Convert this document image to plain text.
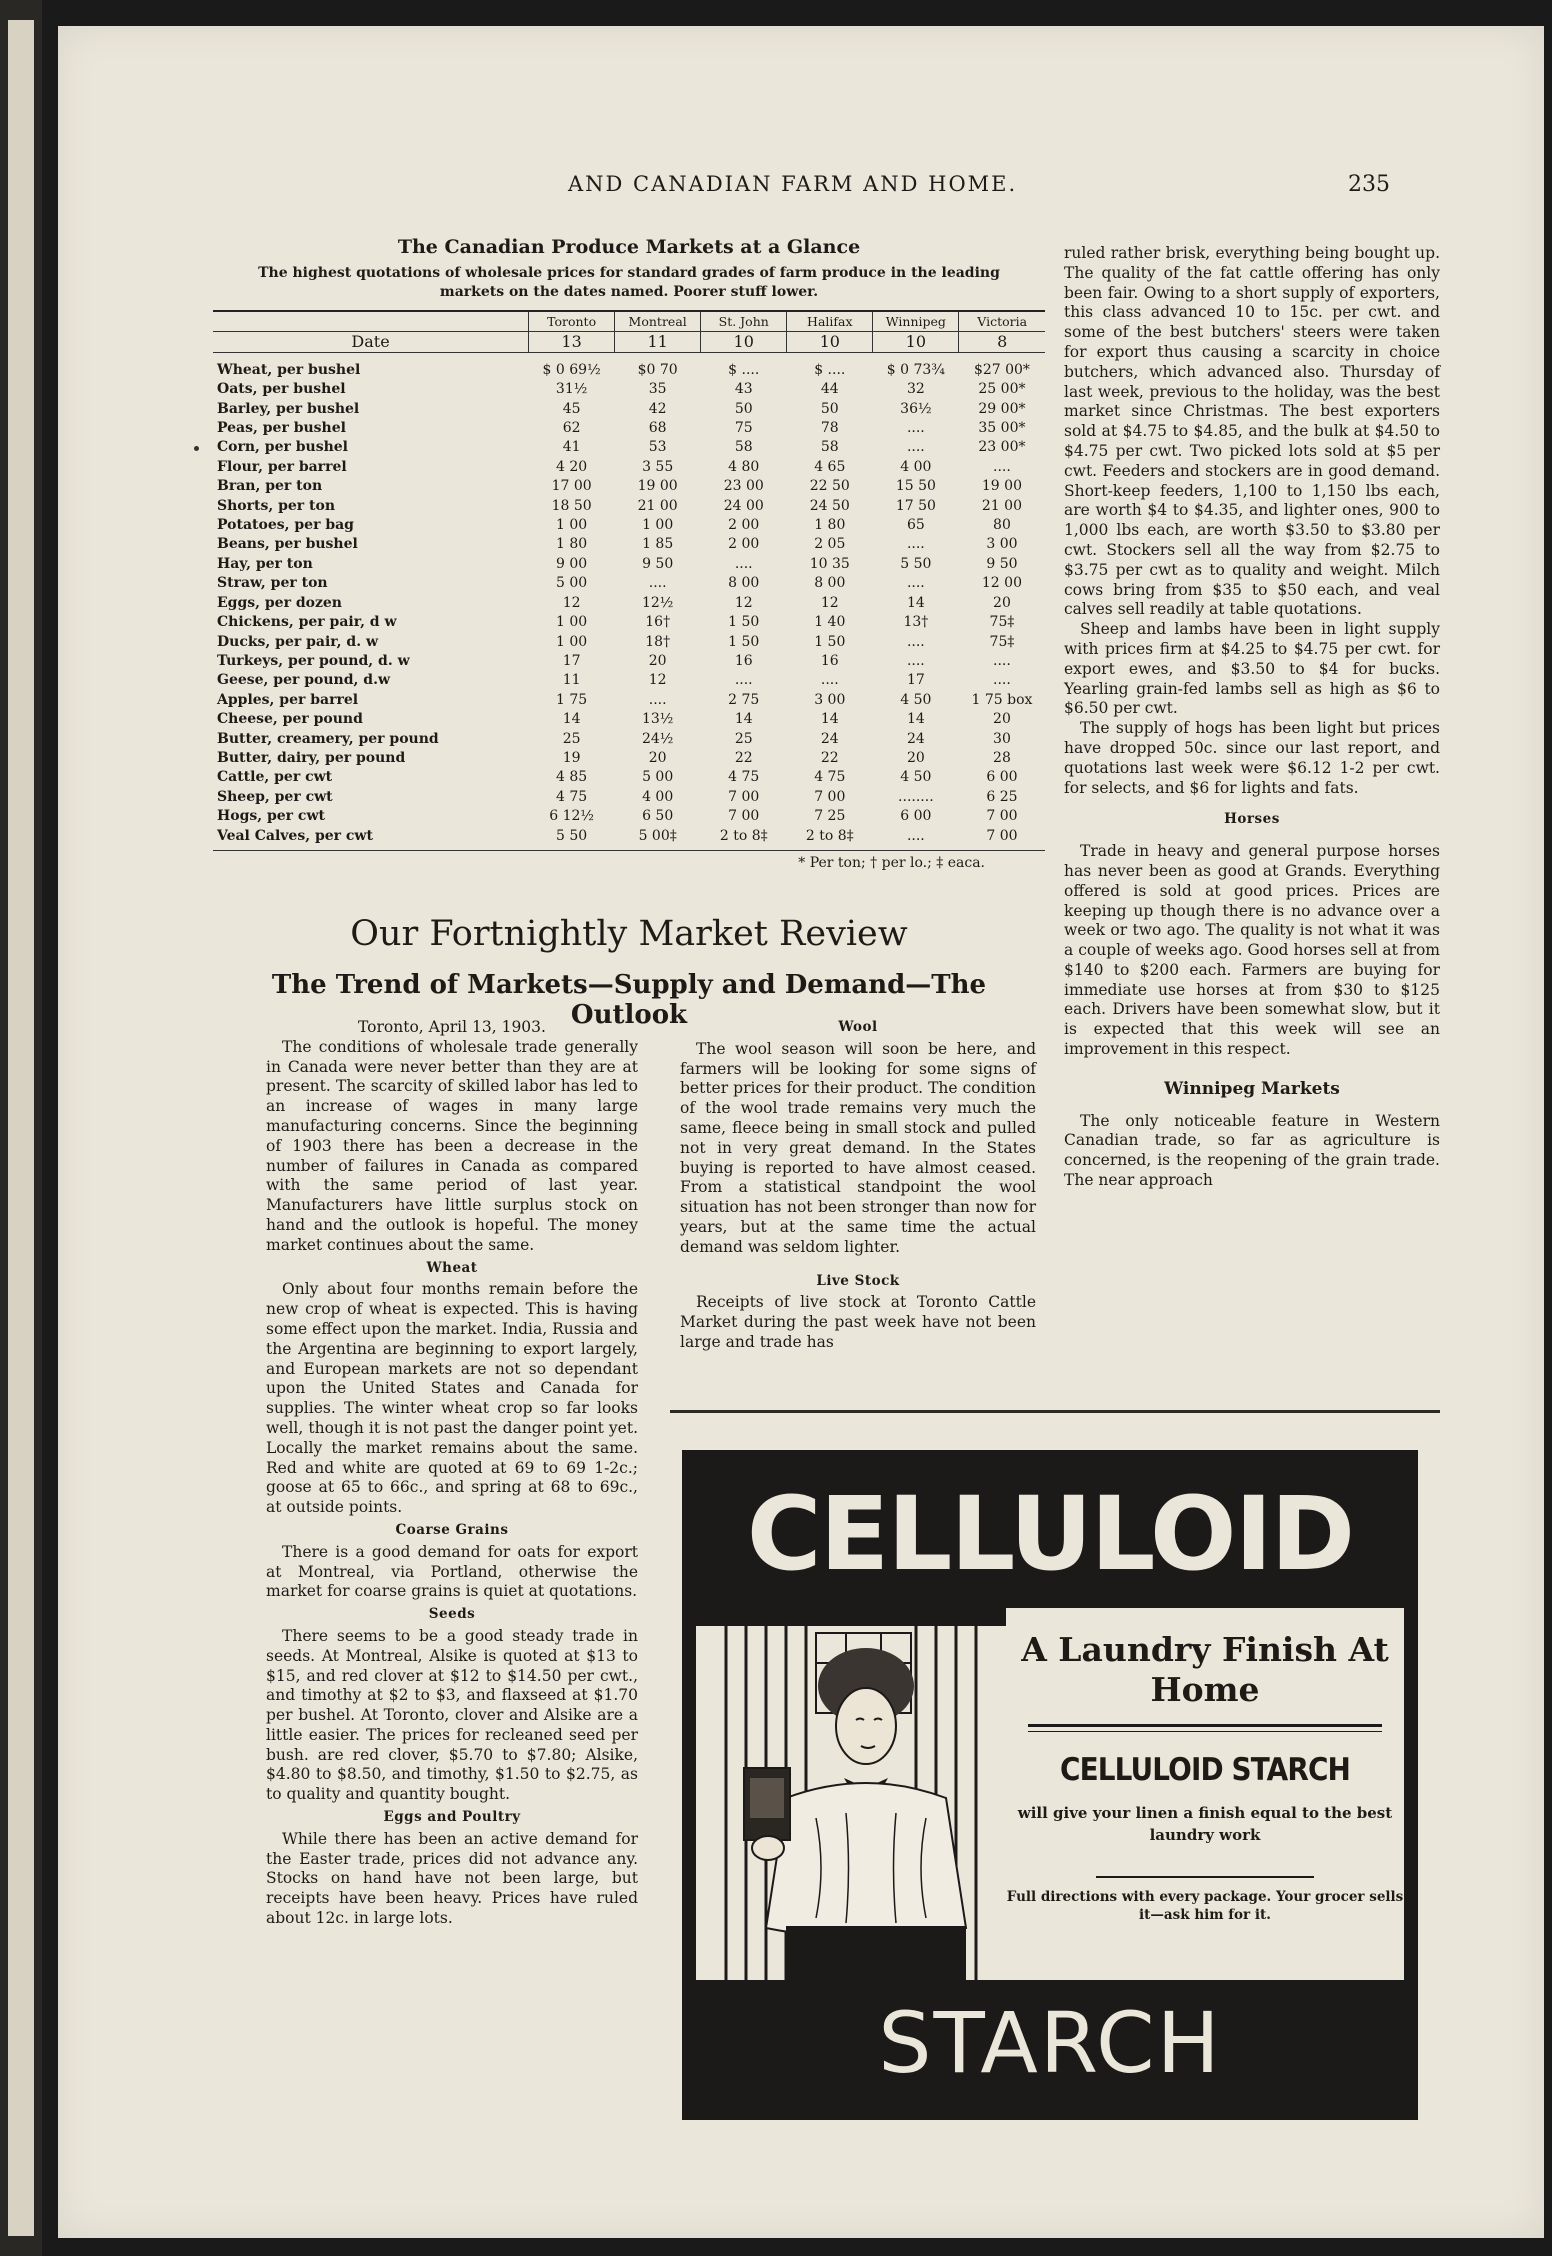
AND CANADIAN FARM AND HOME.	235
The Canadian Produce Markets at a Glance
The highest quotations of wholesale prices for standard grades of farm produce in the leading markets on the dates named. Poorer stuff lower.
	Toronto	Montreal	St. John	Halifax	Winnipeg	Victoria
Date	13	11	10	10	10	8
Wheat, per bushel	$ 0 69½	$0 70	$ ....	$ ....	$ 0 73¾	$27 00*
Oats, per bushel	31½	35	43	44	32	25 00*
Barley, per bushel	45	42	50	50	36½	29 00*
Peas, per bushel	62	68	75	78	....	35 00*
Corn, per bushel	41	53	58	58	....	23 00*
Flour, per barrel	4 20	3 55	4 80	4 65	4 00	....
Bran, per ton	17 00	19 00	23 00	22 50	15 50	19 00
Shorts, per ton	18 50	21 00	24 00	24 50	17 50	21 00
Potatoes, per bag	1 00	1 00	2 00	1 80	65	80
Beans, per bushel	1 80	1 85	2 00	2 05	....	3 00
Hay, per ton	9 00	9 50	....	10 35	5 50	9 50
Straw, per ton	5 00	....	8 00	8 00	....	12 00
Eggs, per dozen	12	12½	12	12	14	20
Chickens, per pair, d w	1 00	16†	1 50	1 40	13†	75‡
Ducks, per pair, d. w	1 00	18†	1 50	1 50	....	75‡
Turkeys, per pound, d. w	17	20	16	16	....	....
Geese, per pound, d.w	11	12	....	....	17	....
Apples, per barrel	1 75	....	2 75	3 00	4 50	1 75 box
Cheese, per pound	14	13½	14	14	14	20
Butter, creamery, per pound	25	24½	25	24	24	30
Butter, dairy, per pound	19	20	22	22	20	28
Cattle, per cwt	4 85	5 00	4 75	4 75	4 50	6 00
Sheep, per cwt	4 75	4 00	7 00	7 00	........	6 25
Hogs, per cwt	6 12½	6 50	7 00	7 25	6 00	7 00
Veal Calves, per cwt	5 50	5 00‡	2 to 8‡	2 to 8‡	....	7 00
* Per ton; † per lo.; ‡ eaca.
Our Fortnightly Market Review
The Trend of Markets—Supply and Demand—The Outlook

Toronto, April 13, 1903.

The conditions of wholesale trade generally in Canada were never better than they are at present. The scarcity of skilled labor has led to an increase of wages in many large manufacturing concerns. Since the beginning of 1903 there has been a decrease in the number of failures in Canada as compared with the same period of last year. Manufacturers have little surplus stock on hand and the outlook is hopeful. The money market continues about the same.

Wheat

Only about four months remain before the new crop of wheat is expected. This is having some effect upon the market. India, Russia and the Argentina are beginning to export largely, and European markets are not so dependant upon the United States and Canada for supplies. The winter wheat crop so far looks well, though it is not past the danger point yet. Locally the market remains about the same. Red and white are quoted at 69 to 69 1-2c.; goose at 65 to 66c., and spring at 68 to 69c., at outside points.

Coarse Grains

There is a good demand for oats for export at Montreal, via Portland, otherwise the market for coarse grains is quiet at quotations.

Seeds

There seems to be a good steady trade in seeds. At Montreal, Alsike is quoted at $13 to $15, and red clover at $12 to $14.50 per cwt., and timothy at $2 to $3, and flaxseed at $1.70 per bushel. At Toronto, clover and Alsike are a little easier. The prices for recleaned seed per bush. are red clover, $5.70 to $7.80; Alsike, $4.80 to $8.50, and timothy, $1.50 to $2.75, as to quality and quantity bought.

Eggs and Poultry

While there has been an active demand for the Easter trade, prices did not advance any. Stocks on hand have not been large, but receipts have been heavy. Prices have ruled about 12c. in large lots.

Wool

The wool season will soon be here, and farmers will be looking for some signs of better prices for their product. The condition of the wool trade remains very much the same, fleece being in small stock and pulled not in very great demand. In the States buying is reported to have almost ceased. From a statistical standpoint the wool situation has not been stronger than now for years, but at the same time the actual demand was seldom lighter.

Live Stock

Receipts of live stock at Toronto Cattle Market during the past week have not been large and trade has

ruled rather brisk, everything being bought up. The quality of the fat cattle offering has only been fair. Owing to a short supply of exporters, this class advanced 10 to 15c. per cwt. and some of the best butchers' steers were taken for export thus causing a scarcity in choice butchers, which advanced also. Thursday of last week, previous to the holiday, was the best market since Christmas. The best exporters sold at $4.75 to $4.85, and the bulk at $4.50 to $4.75 per cwt. Two picked lots sold at $5 per cwt. Feeders and stockers are in good demand. Short-keep feeders, 1,100 to 1,150 lbs each, are worth $4 to $4.35, and lighter ones, 900 to 1,000 lbs each, are worth $3.50 to $3.80 per cwt. Stockers sell all the way from $2.75 to $3.75 per cwt as to quality and weight. Milch cows bring from $35 to $50 each, and veal calves sell readily at table quotations.

Sheep and lambs have been in light supply with prices firm at $4.25 to $4.75 per cwt. for export ewes, and $3.50 to $4 for bucks. Yearling grain-fed lambs sell as high as $6 to $6.50 per cwt.

The supply of hogs has been light but prices have dropped 50c. since our last report, and quotations last week were $6.12 1-2 per cwt. for selects, and $6 for lights and fats.

Horses

Trade in heavy and general purpose horses has never been as good at Grands. Everything offered is sold at good prices. Prices are keeping up though there is no advance over a week or two ago. The quality is not what it was a couple of weeks ago. Good horses sell at from $140 to $200 each. Farmers are buying for immediate use horses at from $30 to $125 each. Drivers have been somewhat slow, but it is expected that this week will see an improvement in this respect.

Winnipeg Markets

The only noticeable feature in Western Canadian trade, so far as agriculture is concerned, is the reopening of the grain trade. The near approach

CELLULOID
A Laundry Finish At Home
CELLULOID STARCH
will give your linen a finish equal to the best laundry work
Full directions with every package. Your grocer sells it—ask him for it.
STARCH
